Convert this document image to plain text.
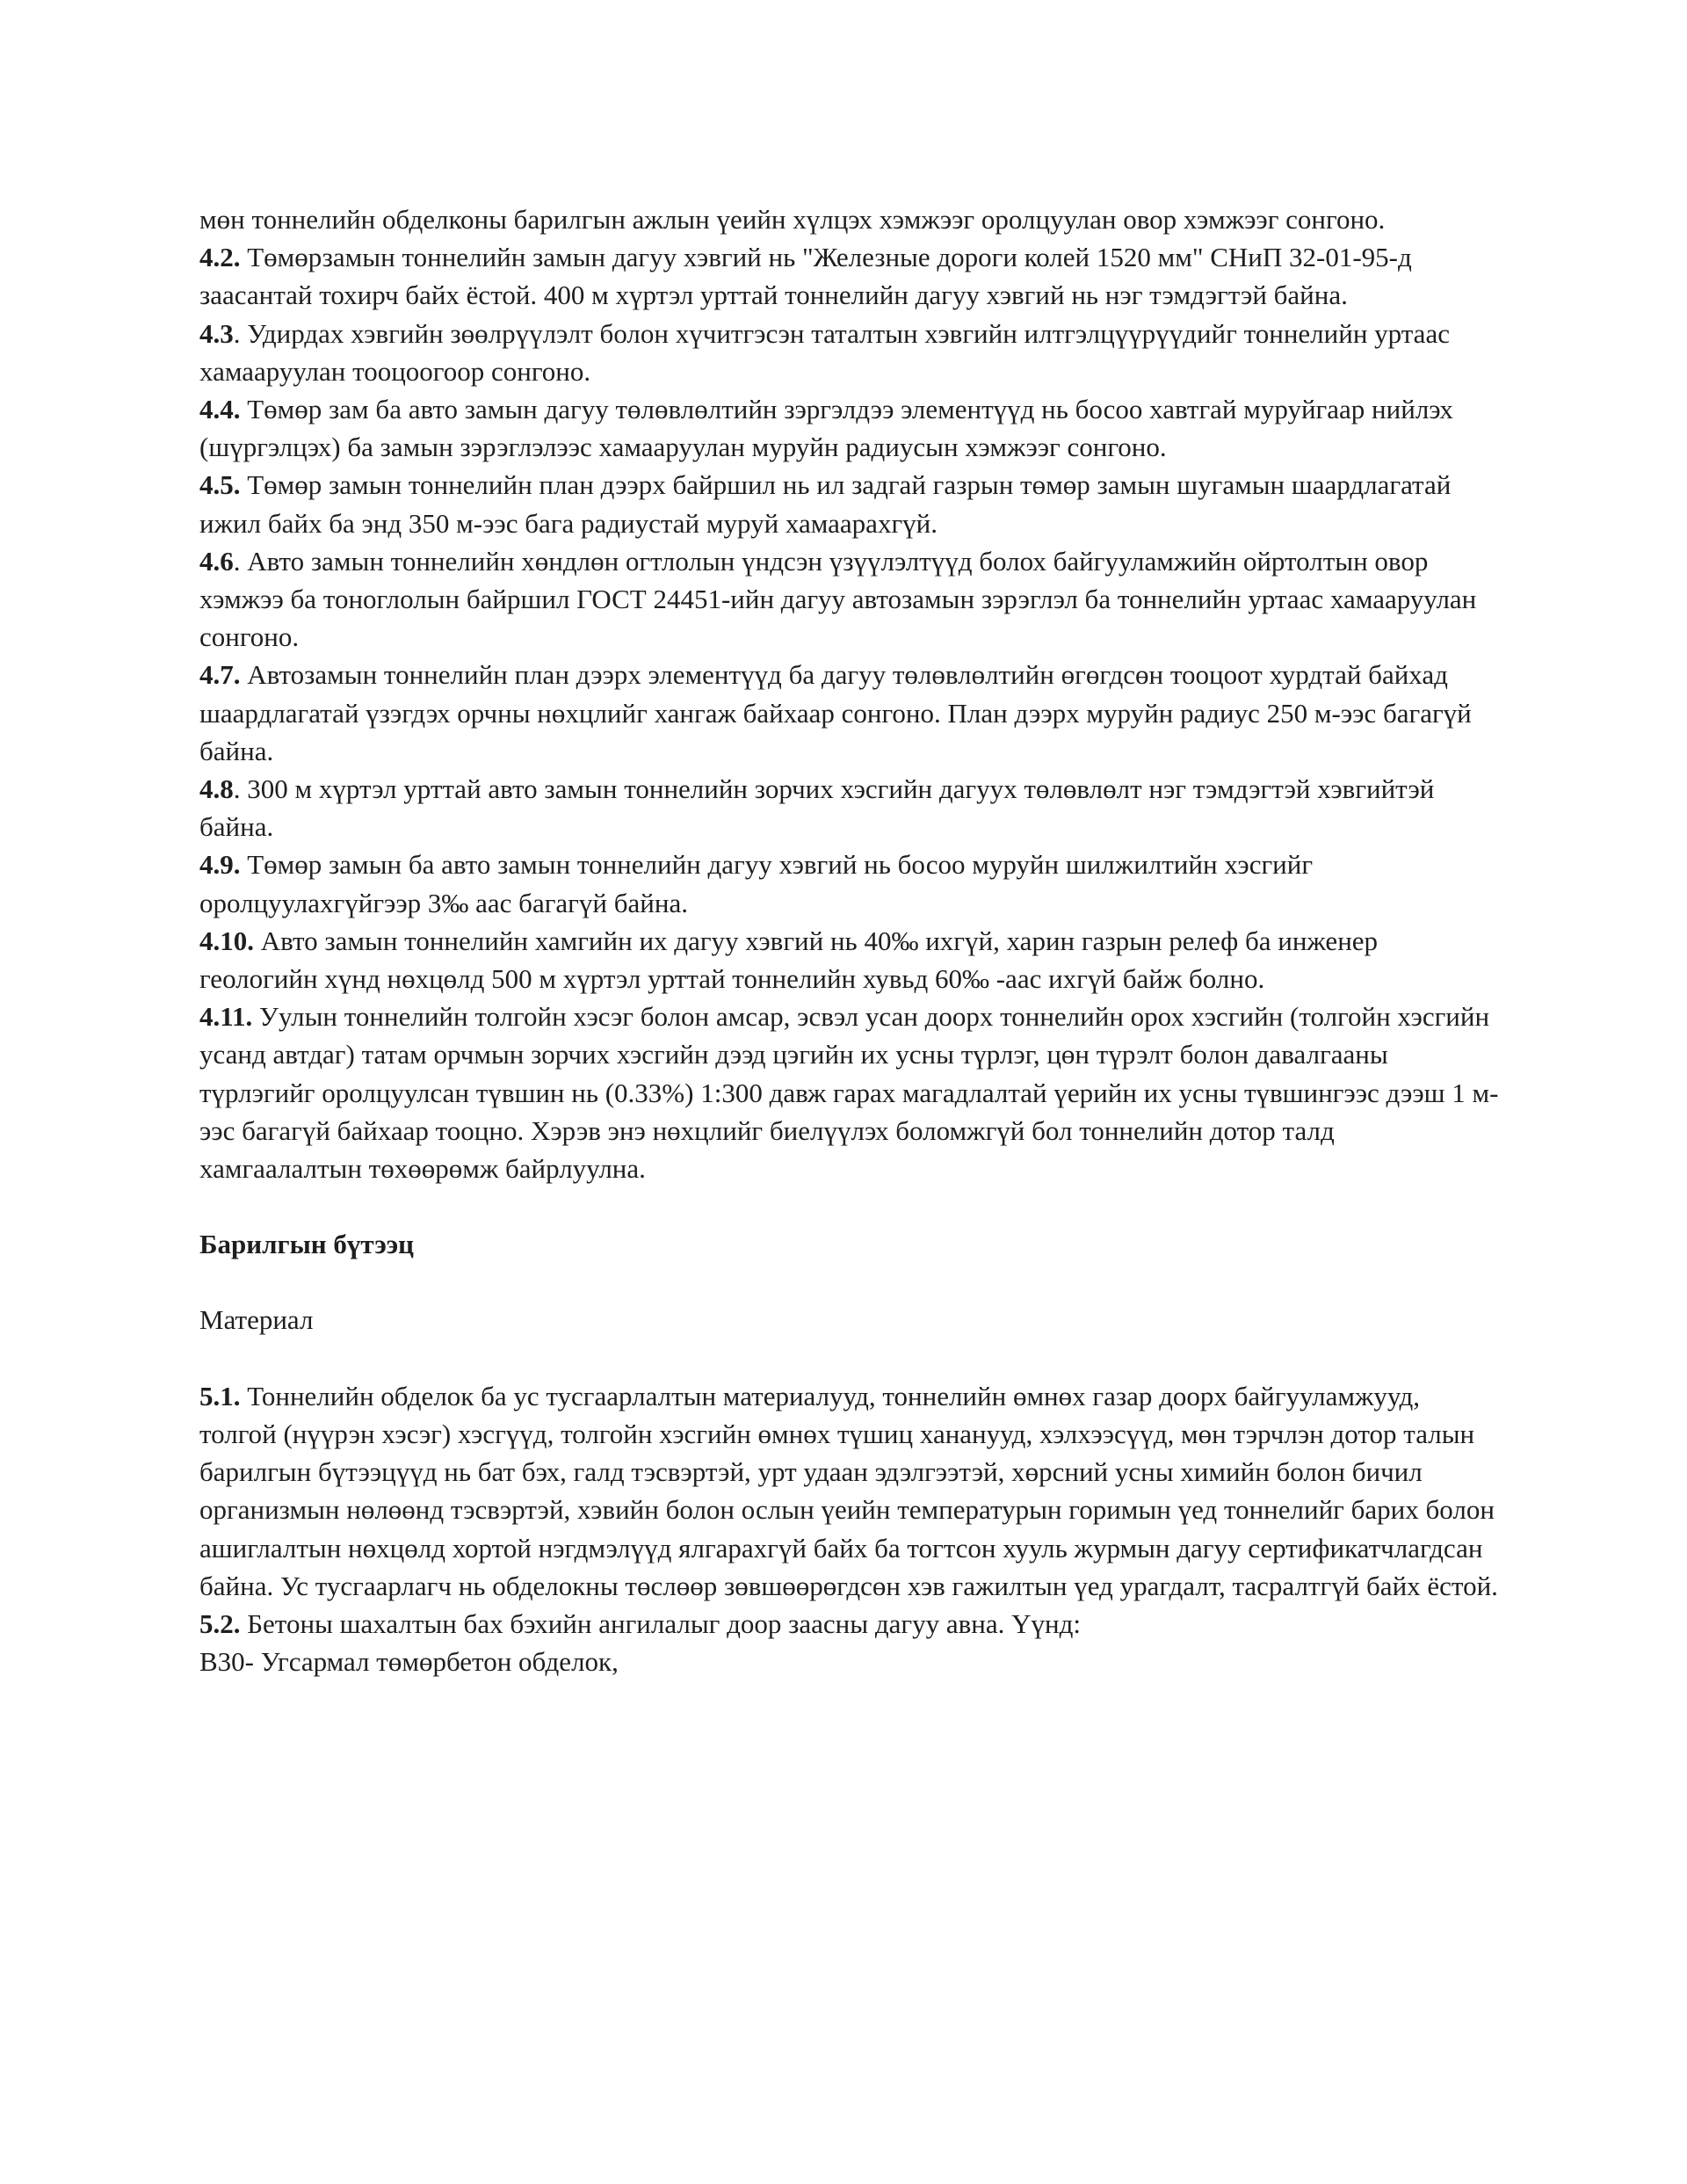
мөн тоннелийн обделконы барилгын ажлын үеийн хүлцэх хэмжээг оролцуулан овор хэмжээг сонгоно.

4.2. Төмөрзамын тоннелийн замын дагуу хэвгий нь "Железные дороги колей 1520 мм" СНиП 32-01-95-д заасантай тохирч байх ёстой. 400 м хүртэл урттай тоннелийн дагуу хэвгий нь нэг тэмдэгтэй байна.

4.3. Удирдах хэвгийн зөөлрүүлэлт болон хүчитгэсэн таталтын хэвгийн илтгэлцүүрүүдийг тоннелийн уртаас хамааруулан тооцоогоор сонгоно.

4.4. Төмөр зам ба авто замын дагуу төлөвлөлтийн зэргэлдээ элементүүд нь босоо хавтгай муруйгаар нийлэх (шүргэлцэх) ба замын зэрэглэлээс хамааруулан муруйн радиусын хэмжээг сонгоно.

4.5. Төмөр замын тоннелийн план дээрх байршил нь ил задгай газрын төмөр замын шугамын шаардлагатай ижил байх ба энд 350 м-ээс бага радиустай муруй хамаарахгүй.

4.6. Авто замын тоннелийн хөндлөн огтлолын үндсэн үзүүлэлтүүд болох байгууламжийн ойртолтын овор хэмжээ ба тоноглолын байршил ГОСТ 24451-ийн дагуу автозамын зэрэглэл ба тоннелийн уртаас хамааруулан сонгоно.

4.7. Автозамын тоннелийн план дээрх элементүүд ба дагуу төлөвлөлтийн өгөгдсөн тооцоот хурдтай байхад шаардлагатай үзэгдэх орчны нөхцлийг хангаж байхаар сонгоно. План дээрх муруйн радиус 250 м-ээс багагүй байна.

4.8. 300 м хүртэл урттай авто замын тоннелийн зорчих хэсгийн дагуух төлөвлөлт нэг тэмдэгтэй хэвгийтэй байна.

4.9. Төмөр замын ба авто замын тоннелийн дагуу хэвгий нь босоо муруйн шилжилтийн хэсгийг оролцуулахгүйгээр 3‰ аас багагүй байна.

4.10. Авто замын тоннелийн хамгийн их дагуу хэвгий нь 40‰ ихгүй, харин газрын релеф ба инженер геологийн хүнд нөхцөлд 500 м хүртэл урттай тоннелийн хувьд 60‰ -аас ихгүй байж болно.

4.11. Уулын тоннелийн толгойн хэсэг болон амсар, эсвэл усан доорх тоннелийн орох хэсгийн (толгойн хэсгийн усанд автдаг) татам орчмын зорчих хэсгийн дээд цэгийн их усны түрлэг, цөн түрэлт болон давалгааны түрлэгийг оролцуулсан түвшин нь (0.33%) 1:300 давж гарах магадлалтай үерийн их усны түвшингээс дээш 1 м-ээс багагүй байхаар тооцно. Хэрэв энэ нөхцлийг биелүүлэх боломжгүй бол тоннелийн дотор талд хамгаалалтын төхөөрөмж байрлуулна.

Барилгын бүтээц

Материал

5.1. Тоннелийн обделок ба ус тусгаарлалтын материалууд, тоннелийн өмнөх газар доорх байгууламжууд, толгой (нүүрэн хэсэг) хэсгүүд, толгойн хэсгийн өмнөх түшиц хананууд, хэлхээсүүд, мөн тэрчлэн дотор талын барилгын бүтээцүүд нь бат бэх, галд тэсвэртэй, урт удаан эдэлгээтэй, хөрсний усны химийн болон бичил организмын нөлөөнд тэсвэртэй, хэвийн болон ослын үеийн температурын горимын үед тоннелийг барих болон ашиглалтын нөхцөлд хортой нэгдмэлүүд ялгарахгүй байх ба тогтсон хууль журмын дагуу сертификатчлагдсан байна. Ус тусгаарлагч нь обделокны төслөөр зөвшөөрөгдсөн хэв гажилтын үед урагдалт, тасралтгүй байх ёстой.

5.2. Бетоны шахалтын бах бэхийн ангилалыг доор заасны дагуу авна. Үүнд:

В30- Угсармал төмөрбетон обделок,
